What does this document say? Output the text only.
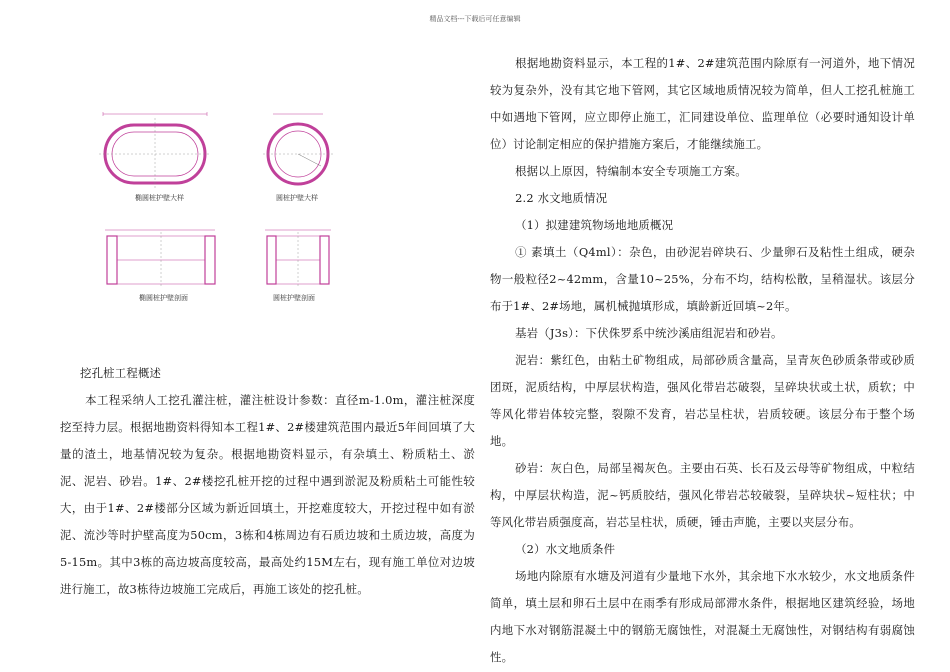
精品文档---下载后可任意编辑
椭圆桩护壁大样	圆桩护壁大样
椭圆桩护壁剖面	圆桩护壁剖面

挖孔桩工程概述

本工程采纳人工挖孔灌注桩，灌注桩设计参数：直径m-1.0m，灌注桩深度挖至持力层。根据地勘资料得知本工程1#、2#楼建筑范围内最近5年间回填了大量的渣土，地基情况较为复杂。根据地勘资料显示，有杂填土、粉质粘土、淤泥、泥岩、砂岩。1#、2#楼挖孔桩开挖的过程中遇到淤泥及粉质粘土可能性较大，由于1#、2#楼部分区域为新近回填土，开挖难度较大，开挖过程中如有淤泥、流沙等时护壁高度为50cm，3栋和4栋周边有石质边坡和土质边坡，高度为5-15m。其中3栋的高边坡高度较高，最高处约15M左右，现有施工单位对边坡进行施工，故3栋待边坡施工完成后，再施工该处的挖孔桩。

根据地勘资料显示，本工程的1#、2#建筑范围内除原有一河道外，地下情况较为复杂外，没有其它地下管网，其它区域地质情况较为简单，但人工挖孔桩施工中如遇地下管网，应立即停止施工，汇同建设单位、监理单位（必要时通知设计单位）讨论制定相应的保护措施方案后，才能继续施工。

根据以上原因，特编制本安全专项施工方案。

2.2 水文地质情况

（1）拟建建筑物场地地质概况

① 素填土（Q4ml）：杂色，由砂泥岩碎块石、少量卵石及粘性土组成，硬杂物一般粒径2~42mm，含量10~25%，分布不均，结构松散，呈稍湿状。该层分布于1#、2#场地，属机械抛填形成，填龄新近回填~2年。

基岩（J3s）：下伏侏罗系中统沙溪庙组泥岩和砂岩。

泥岩：紫红色，由粘土矿物组成，局部砂质含量高，呈青灰色砂质条带或砂质团斑，泥质结构，中厚层状构造，强风化带岩芯破裂，呈碎块状或土状，质软；中等风化带岩体较完整，裂隙不发育，岩芯呈柱状，岩质较硬。该层分布于整个场地。

砂岩：灰白色，局部呈褐灰色。主要由石英、长石及云母等矿物组成，中粒结构，中厚层状构造，泥~钙质胶结，强风化带岩芯较破裂，呈碎块状~短柱状；中等风化带岩质强度高，岩芯呈柱状，质硬，锤击声脆，主要以夹层分布。

（2）水文地质条件

场地内除原有水塘及河道有少量地下水外，其余地下水水较少，水文地质条件简单，填土层和卵石土层中在雨季有形成局部滞水条件，根据地区建筑经验，场地内地下水对钢筋混凝土中的钢筋无腐蚀性，对混凝土无腐蚀性，对钢结构有弱腐蚀性。
